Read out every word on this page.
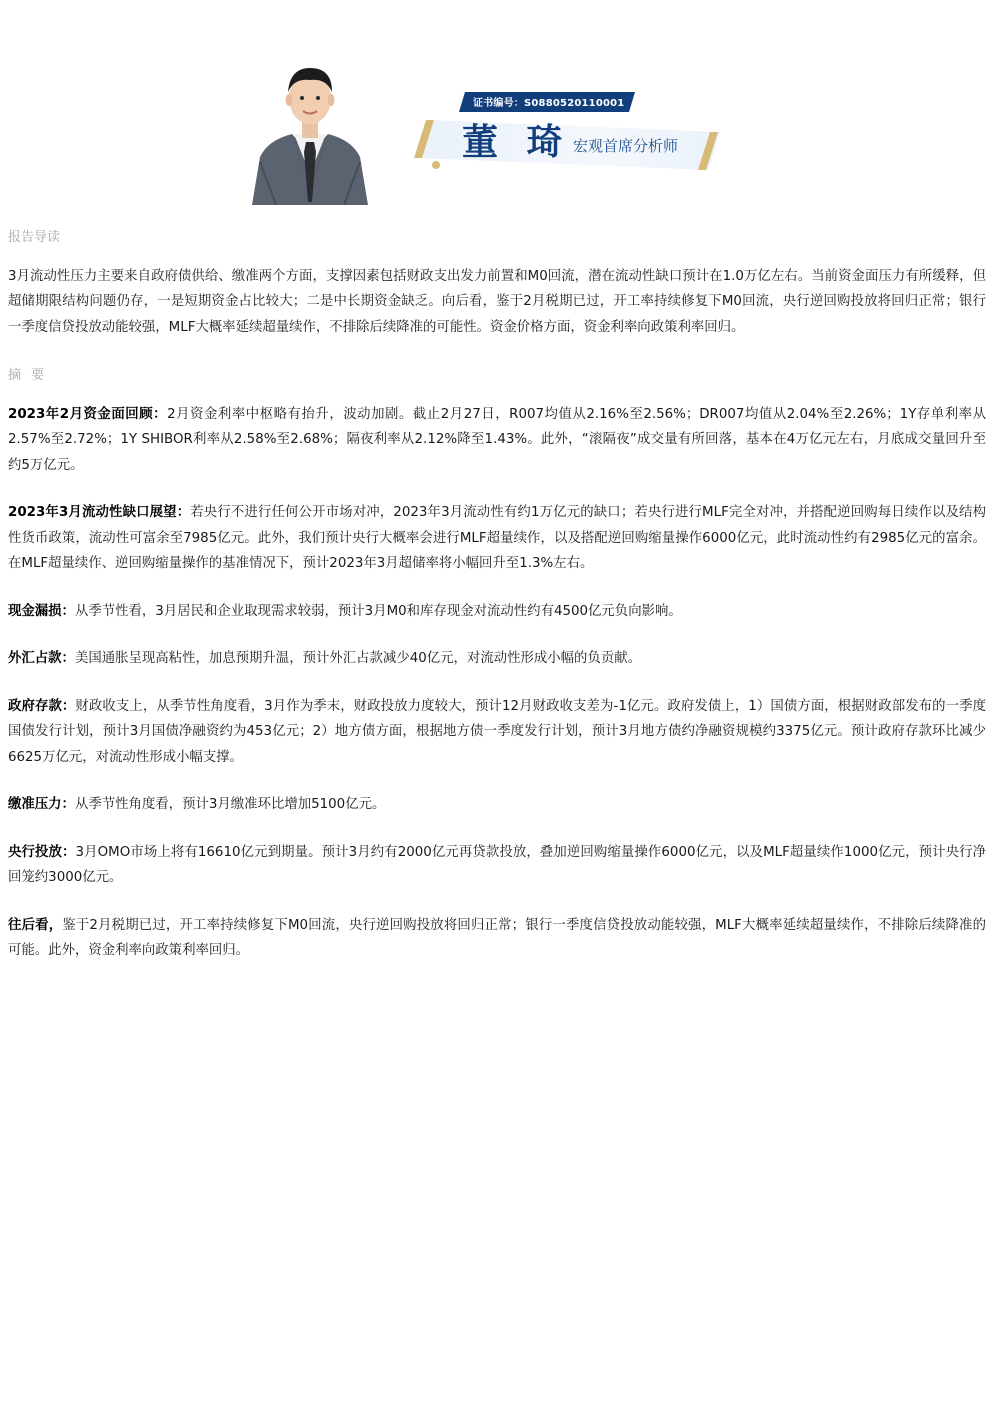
证书编号：S0880520110001
董 琦 宏观首席分析师
报告导读

3月流动性压力主要来自政府债供给、缴准两个方面，支撑因素包括财政支出发力前置和M0回流，潜在流动性缺口预计在1.0万亿左右。当前资金面压力有所缓释，但超储期限结构问题仍存，一是短期资金占比较大；二是中长期资金缺乏。向后看，鉴于2月税期已过，开工率持续修复下M0回流，央行逆回购投放将回归正常；银行一季度信贷投放动能较强，MLF大概率延续超量续作，不排除后续降准的可能性。资金价格方面，资金利率向政策利率回归。

摘 要

2023年2月资金面回顾：2月资金利率中枢略有抬升，波动加剧。截止2月27日，R007均值从2.16%至2.56%；DR007均值从2.04%至2.26%；1Y存单利率从2.57%至2.72%；1Y SHIBOR利率从2.58%至2.68%；隔夜利率从2.12%降至1.43%。此外，“滚隔夜”成交量有所回落，基本在4万亿元左右，月底成交量回升至约5万亿元。

2023年3月流动性缺口展望：若央行不进行任何公开市场对冲，2023年3月流动性有约1万亿元的缺口；若央行进行MLF完全对冲，并搭配逆回购每日续作以及结构性货币政策，流动性可富余至7985亿元。此外，我们预计央行大概率会进行MLF超量续作，以及搭配逆回购缩量操作6000亿元，此时流动性约有2985亿元的富余。在MLF超量续作、逆回购缩量操作的基准情况下，预计2023年3月超储率将小幅回升至1.3%左右。

现金漏损：从季节性看，3月居民和企业取现需求较弱，预计3月M0和库存现金对流动性约有4500亿元负向影响。

外汇占款：美国通胀呈现高粘性，加息预期升温，预计外汇占款减少40亿元，对流动性形成小幅的负贡献。

政府存款：财政收支上，从季节性角度看，3月作为季末，财政投放力度较大，预计12月财政收支差为-1亿元。政府发债上，1）国债方面，根据财政部发布的一季度国债发行计划，预计3月国债净融资约为453亿元；2）地方债方面，根据地方债一季度发行计划，预计3月地方债约净融资规模约3375亿元。预计政府存款环比减少6625万亿元，对流动性形成小幅支撑。

缴准压力：从季节性角度看，预计3月缴准环比增加5100亿元。

央行投放：3月OMO市场上将有16610亿元到期量。预计3月约有2000亿元再贷款投放，叠加逆回购缩量操作6000亿元，以及MLF超量续作1000亿元，预计央行净回笼约3000亿元。

往后看，鉴于2月税期已过，开工率持续修复下M0回流，央行逆回购投放将回归正常；银行一季度信贷投放动能较强，MLF大概率延续超量续作，不排除后续降准的可能。此外，资金利率向政策利率回归。
